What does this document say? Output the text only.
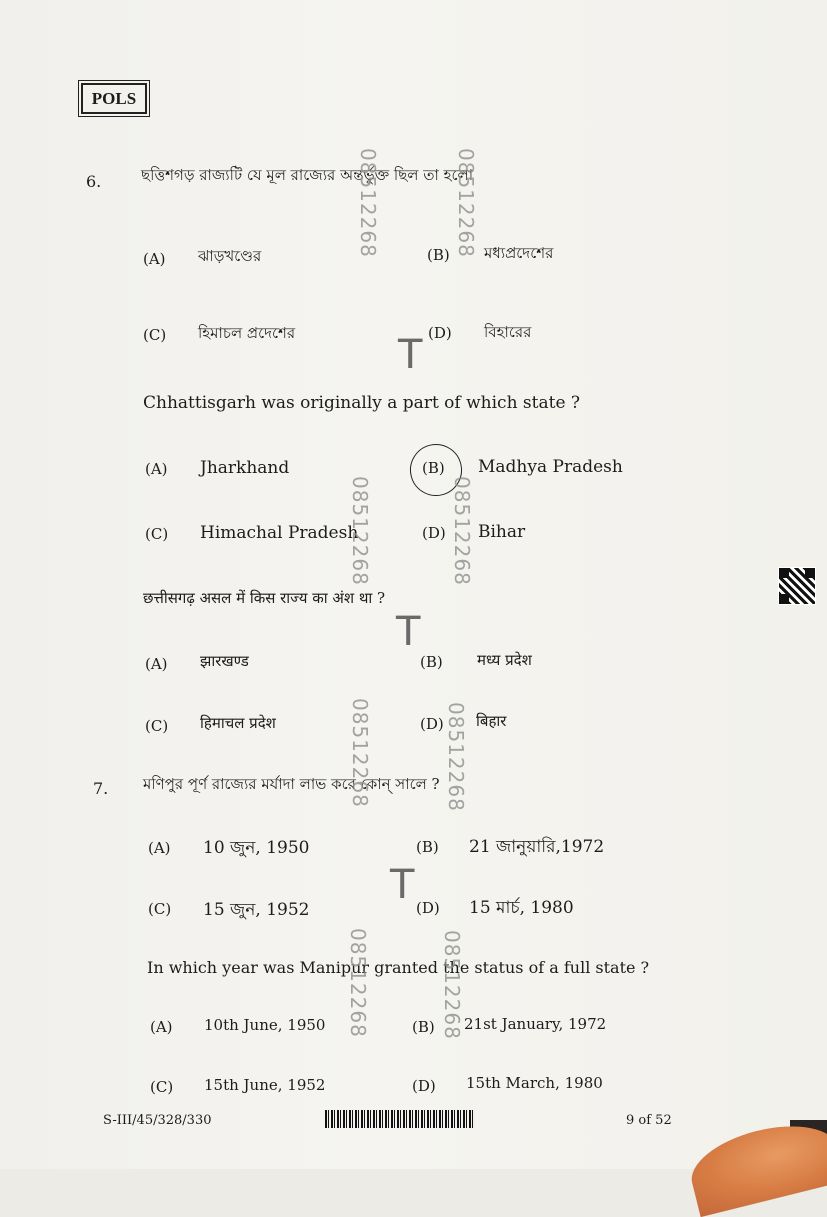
POLS
6.	ছত্তিশগড় রাজ্যটি যে মূল রাজ্যের অন্তর্ভুক্ত ছিল তা হলো
(A) ঝাড়খণ্ডের	(B) মধ্যপ্রদেশের
(C) হিমাচল প্রদেশের	(D) বিহারের
Chhattisgarh was originally a part of which state ?
(A) Jharkhand	(B) Madhya Pradesh
(C) Himachal Pradesh	(D) Bihar
छत्तीसगढ़ असल में किस राज्य का अंश था ?
(A) झारखण्ड	(B) मध्य प्रदेश
(C) हिमाचल प्रदेश	(D) बिहार
7. মণিপুর পূর্ণ রাজ্যের মর্যাদা লাভ করে কোন্ সালে ?
(A) 10 জুন, 1950	(B) 21 জানুয়ারি,1972
(C) 15 জুন, 1952	(D) 15 মার্চ, 1980
In which year was Manipur granted the status of a full state ?
(A) 10th June, 1950	(B) 21st January, 1972
(C) 15th June, 1952	(D) 15th March, 1980
08512268	08512268
08512268	08512268
08512268	08512268
08512268	08512268
T
T
T
S-III/45/328/330	9 of 52
